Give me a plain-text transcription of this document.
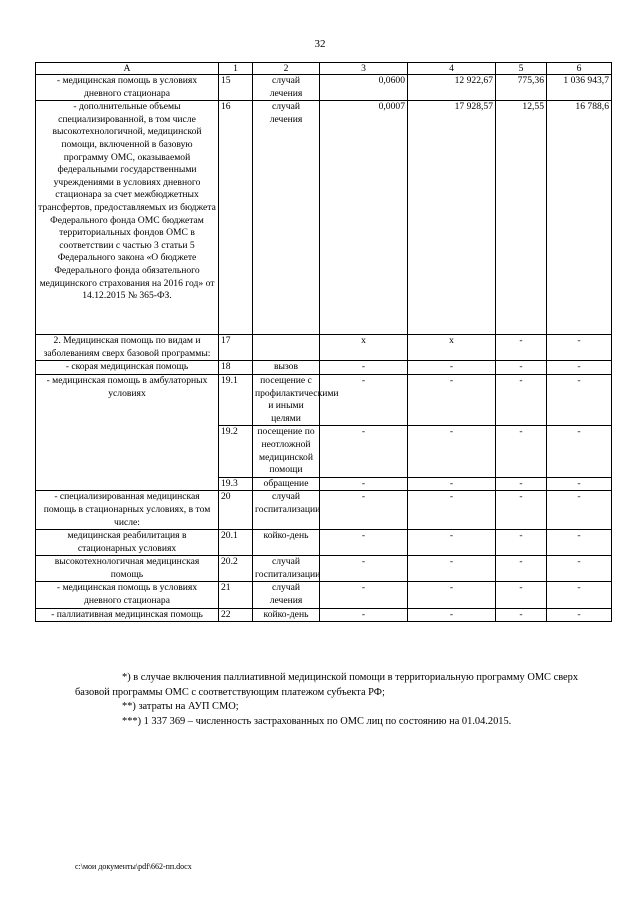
32
A	1	2	3	4	5	6
- медицинская помощь в условиях дневного стационара	15	случай лечения	0,0600	12 922,67	775,36	1 036 943,7
- дополнительные объемы специализированной, в том числе высокотехнологичной, медицинской помощи, включенной в базовую программу ОМС, оказываемой федеральными государственными учреждениями в условиях дневного стационара за счет межбюджетных трансфертов, предоставляемых из бюджета Федерального фонда ОМС бюджетам территориальных фондов ОМС в соответствии с частью 3 статьи 5 Федерального закона «О бюджете Федерального фонда обязательного медицинского страхования на 2016 год» от 14.12.2015 № 365-ФЗ.	16	случай лечения	0,0007	17 928,57	12,55	16 788,6
2. Медицинская помощь по видам и заболеваниям сверх базовой программы:	17		x	x	-	-
- скорая медицинская помощь	18	вызов	-	-	-	-
- медицинская помощь в амбулаторных условиях	19.1	посещение с профилактическими и иными целями	-	-	-	-
	19.2	посещение по неотложной медицинской помощи	-	-	-	-
	19.3	обращение	-	-	-	-
- специализированная медицинская помощь в стационарных условиях, в том числе:	20	случай госпитализации	-	-	-	-
медицинская реабилитация в стационарных условиях	20.1	койко-день	-	-	-	-
высокотехнологичная медицинская помощь	20.2	случай госпитализации	-	-	-	-
- медицинская помощь в условиях дневного стационара	21	случай лечения	-	-	-	-
- паллиативная медицинская помощь	22	койко-день	-	-	-	-

*) в случае включения паллиативной медицинской помощи в территориальную программу ОМС сверх базовой программы ОМС с соответствующим платежом субъекта РФ;

**) затраты на АУП СМО;

***) 1 337 369 – численность застрахованных по ОМС лиц по состоянию на 01.04.2015.

c:\мои документы\pdf\662-пп.docx
